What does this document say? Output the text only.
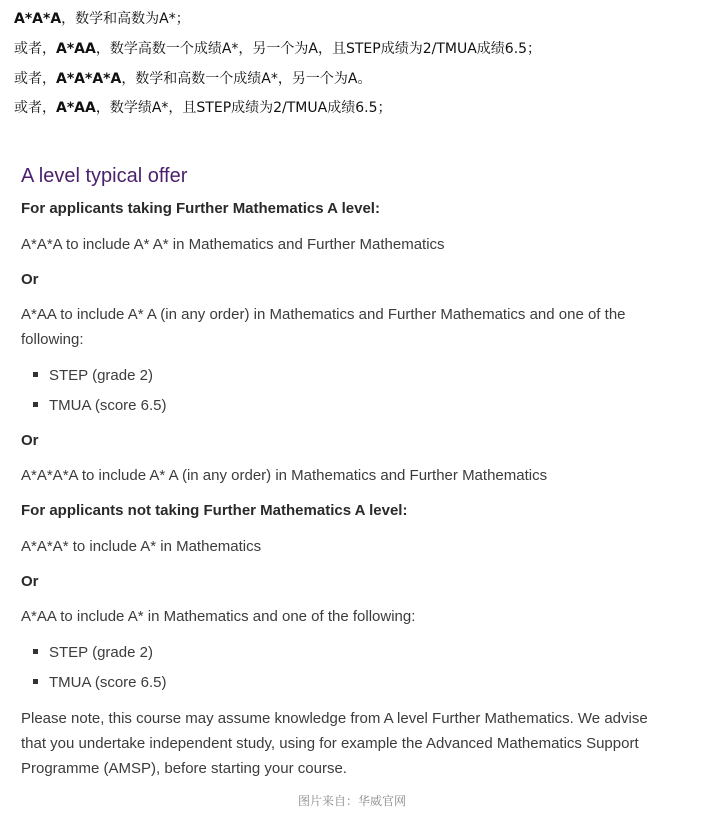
A*A*A，数学和高数为A*；
或者，A*AA，数学高数一个成绩A*，另一个为A，且STEP成绩为2/TMUA成绩6.5；
或者，A*A*A*A，数学和高数一个成绩A*，另一个为A。
或者，A*AA，数学绩A*，且STEP成绩为2/TMUA成绩6.5；
A level typical offer
For applicants taking Further Mathematics A level:
A*A*A to include A* A* in Mathematics and Further Mathematics
Or
A*AA to include A* A (in any order) in Mathematics and Further Mathematics and one of the following:
STEP (grade 2)
TMUA (score 6.5)
Or
A*A*A*A to include A* A (in any order) in Mathematics and Further Mathematics
For applicants not taking Further Mathematics A level:
A*A*A* to include A* in Mathematics
Or
A*AA to include A* in Mathematics and one of the following:
STEP (grade 2)
TMUA (score 6.5)
Please note, this course may assume knowledge from A level Further Mathematics. We advise that you undertake independent study, using for example the Advanced Mathematics Support Programme (AMSP), before starting your course.
图片来自：华威官网
